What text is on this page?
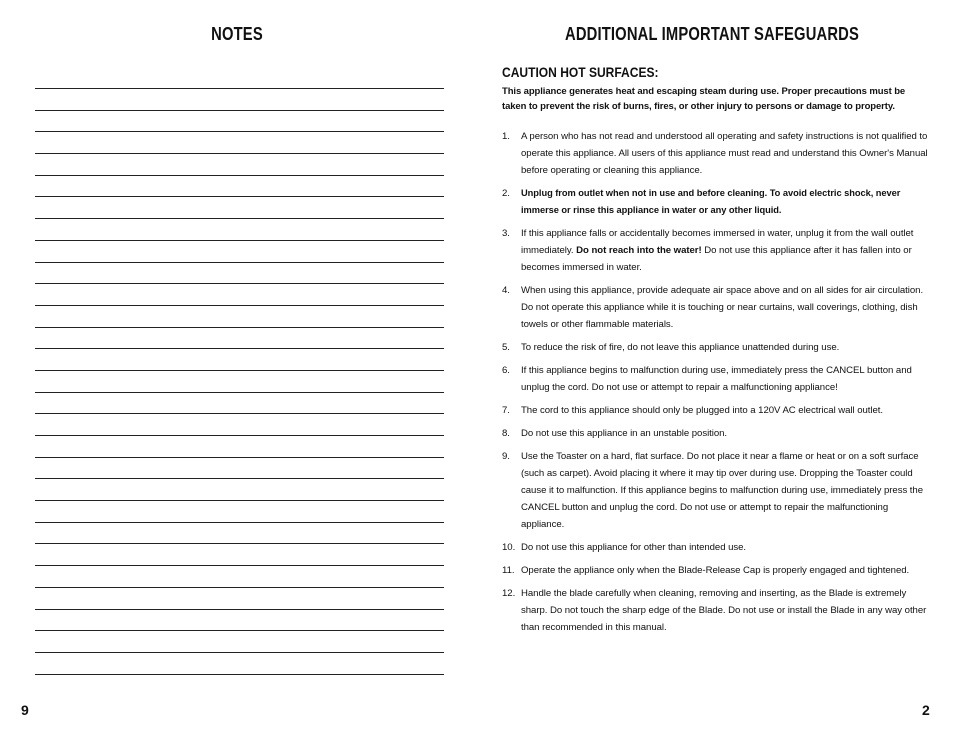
NOTES
9
ADDITIONAL IMPORTANT SAFEGUARDS
CAUTION HOT SURFACES:
This appliance generates heat and escaping steam during use. Proper precautions must be taken to prevent the risk of burns, fires, or other injury to persons or damage to property.
1. A person who has not read and understood all operating and safety instructions is not qualified to operate this appliance. All users of this appliance must read and understand this Owner's Manual before operating or cleaning this appliance.
2. Unplug from outlet when not in use and before cleaning. To avoid electric shock, never immerse or rinse this appliance in water or any other liquid.
3. If this appliance falls or accidentally becomes immersed in water, unplug it from the wall outlet immediately. Do not reach into the water! Do not use this appliance after it has fallen into or becomes immersed in water.
4. When using this appliance, provide adequate air space above and on all sides for air circulation. Do not operate this appliance while it is touching or near curtains, wall coverings, clothing, dish towels or other flammable materials.
5. To reduce the risk of fire, do not leave this appliance unattended during use.
6. If this appliance begins to malfunction during use, immediately press the CANCEL button and unplug the cord. Do not use or attempt to repair a malfunctioning appliance!
7. The cord to this appliance should only be plugged into a 120V AC electrical wall outlet.
8. Do not use this appliance in an unstable position.
9. Use the Toaster on a hard, flat surface. Do not place it near a flame or heat or on a soft surface (such as carpet). Avoid placing it where it may tip over during use. Dropping the Toaster could cause it to malfunction. If this appliance begins to malfunction during use, immediately press the CANCEL button and unplug the cord. Do not use or attempt to repair the malfunctioning appliance.
10. Do not use this appliance for other than intended use.
11. Operate the appliance only when the Blade-Release Cap is properly engaged and tightened.
12. Handle the blade carefully when cleaning, removing and inserting, as the Blade is extremely sharp. Do not touch the sharp edge of the Blade. Do not use or install the Blade in any way other than recommended in this manual.
2
